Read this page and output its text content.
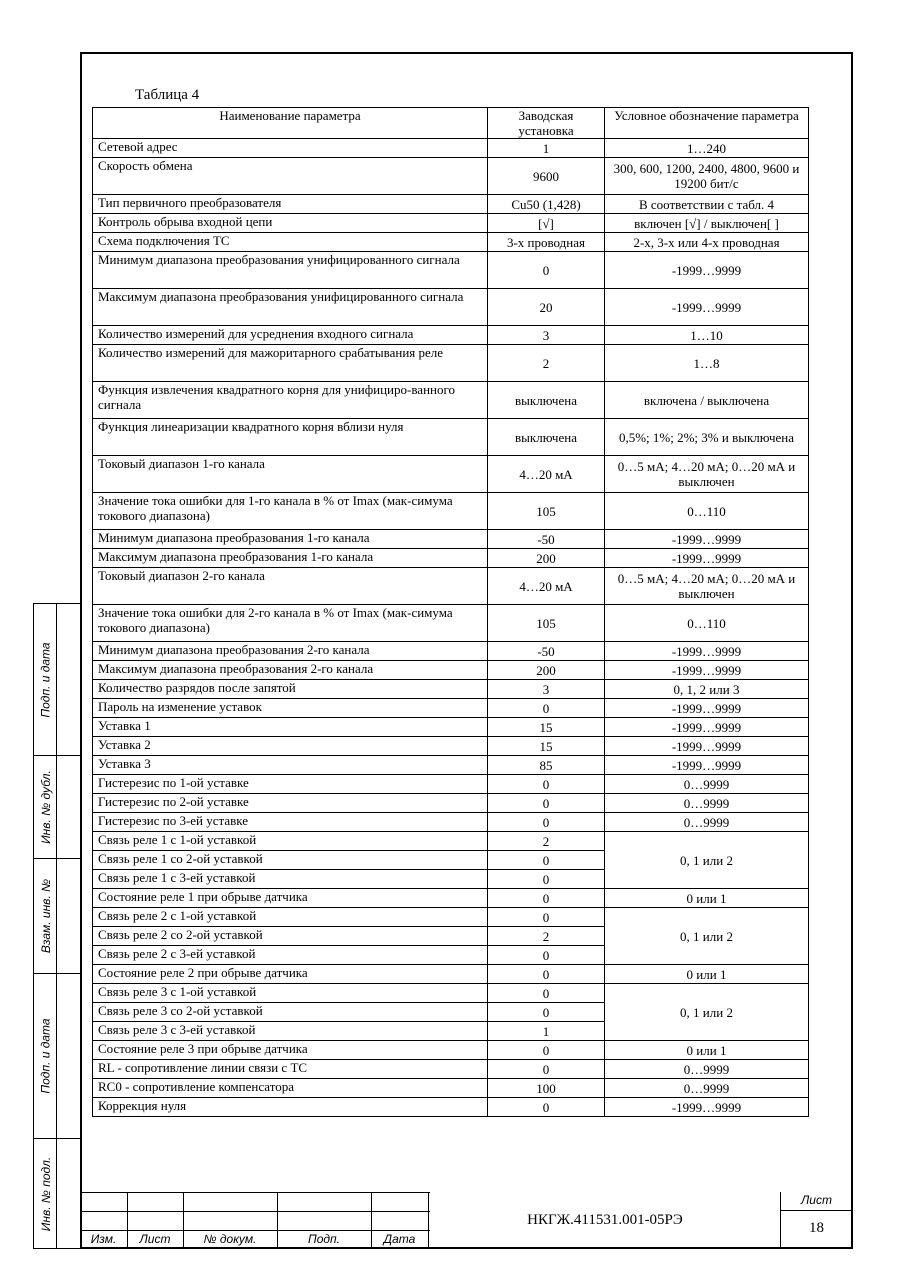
Таблица 4
Наименование параметра	Заводская установка	Условное обозначение параметра
Сетевой адрес	1	1…240
Скорость обмена	9600	300, 600, 1200, 2400, 4800, 9600 и 19200 бит/с
Тип первичного преобразователя	Cu50 (1,428)	В соответствии с табл. 4
Контроль обрыва входной цепи	[√]	включен [√] / выключен[ ]
Схема подключения ТС	3-х проводная	2-х, 3-х или 4-х проводная
Минимум диапазона преобразования унифицированного сигнала	0	-1999…9999
Максимум диапазона преобразования унифицированного сигнала	20	-1999…9999
Количество измерений для усреднения входного сигнала	3	1…10
Количество измерений для мажоритарного срабатывания реле	2	1…8
Функция извлечения квадратного корня для унифициро-ванного сигнала	выключена	включена / выключена
Функция линеаризации квадратного корня вблизи нуля	выключена	0,5%; 1%; 2%; 3% и выключена
Токовый диапазон 1-го канала	4…20 мА	0…5 мА; 4…20 мА; 0…20 мА и выключен
Значение тока ошибки для 1-го канала в % от Imax (мак-симума токового диапазона)	105	0…110
Минимум диапазона преобразования 1-го канала	-50	-1999…9999
Максимум диапазона преобразования 1-го канала	200	-1999…9999
Токовый диапазон 2-го канала	4…20 мА	0…5 мА; 4…20 мА; 0…20 мА и выключен
Значение тока ошибки для 2-го канала в % от Imax (мак-симума токового диапазона)	105	0…110
Минимум диапазона преобразования 2-го канала	-50	-1999…9999
Максимум диапазона преобразования 2-го канала	200	-1999…9999
Количество разрядов после запятой	3	0, 1, 2 или 3
Пароль на изменение уставок	0	-1999…9999
Уставка 1	15	-1999…9999
Уставка 2	15	-1999…9999
Уставка 3	85	-1999…9999
Гистерезис по 1-ой уставке	0	0…9999
Гистерезис по 2-ой уставке	0	0…9999
Гистерезис по 3-ей уставке	0	0…9999
Связь реле 1 с 1-ой уставкой	2	0, 1 или 2
Связь реле 1 со 2-ой уставкой	0	
Связь реле 1 с 3-ей уставкой	0	
Состояние реле 1 при обрыве датчика	0	0 или 1
Связь реле 2 с 1-ой уставкой	0	0, 1 или 2
Связь реле 2 со 2-ой уставкой	2	
Связь реле 2 с 3-ей уставкой	0	
Состояние реле 2 при обрыве датчика	0	0 или 1
Связь реле 3 с 1-ой уставкой	0	0, 1 или 2
Связь реле 3 со 2-ой уставкой	0	
Связь реле 3 с 3-ей уставкой	1	
Состояние реле 3 при обрыве датчика	0	0 или 1
RL - сопротивление линии связи с ТС	0	0…9999
RC0 - сопротивление компенсатора	100	0…9999
Коррекция нуля	0	-1999…9999
Подп. и дата
Инв. № дубл.
Взам. инв. №
Подп. и дата
Инв. № подл.
Изм.	Лист	№ докум.	Подп.	Дата
НКГЖ.411531.001-05РЭ
Лист
18
